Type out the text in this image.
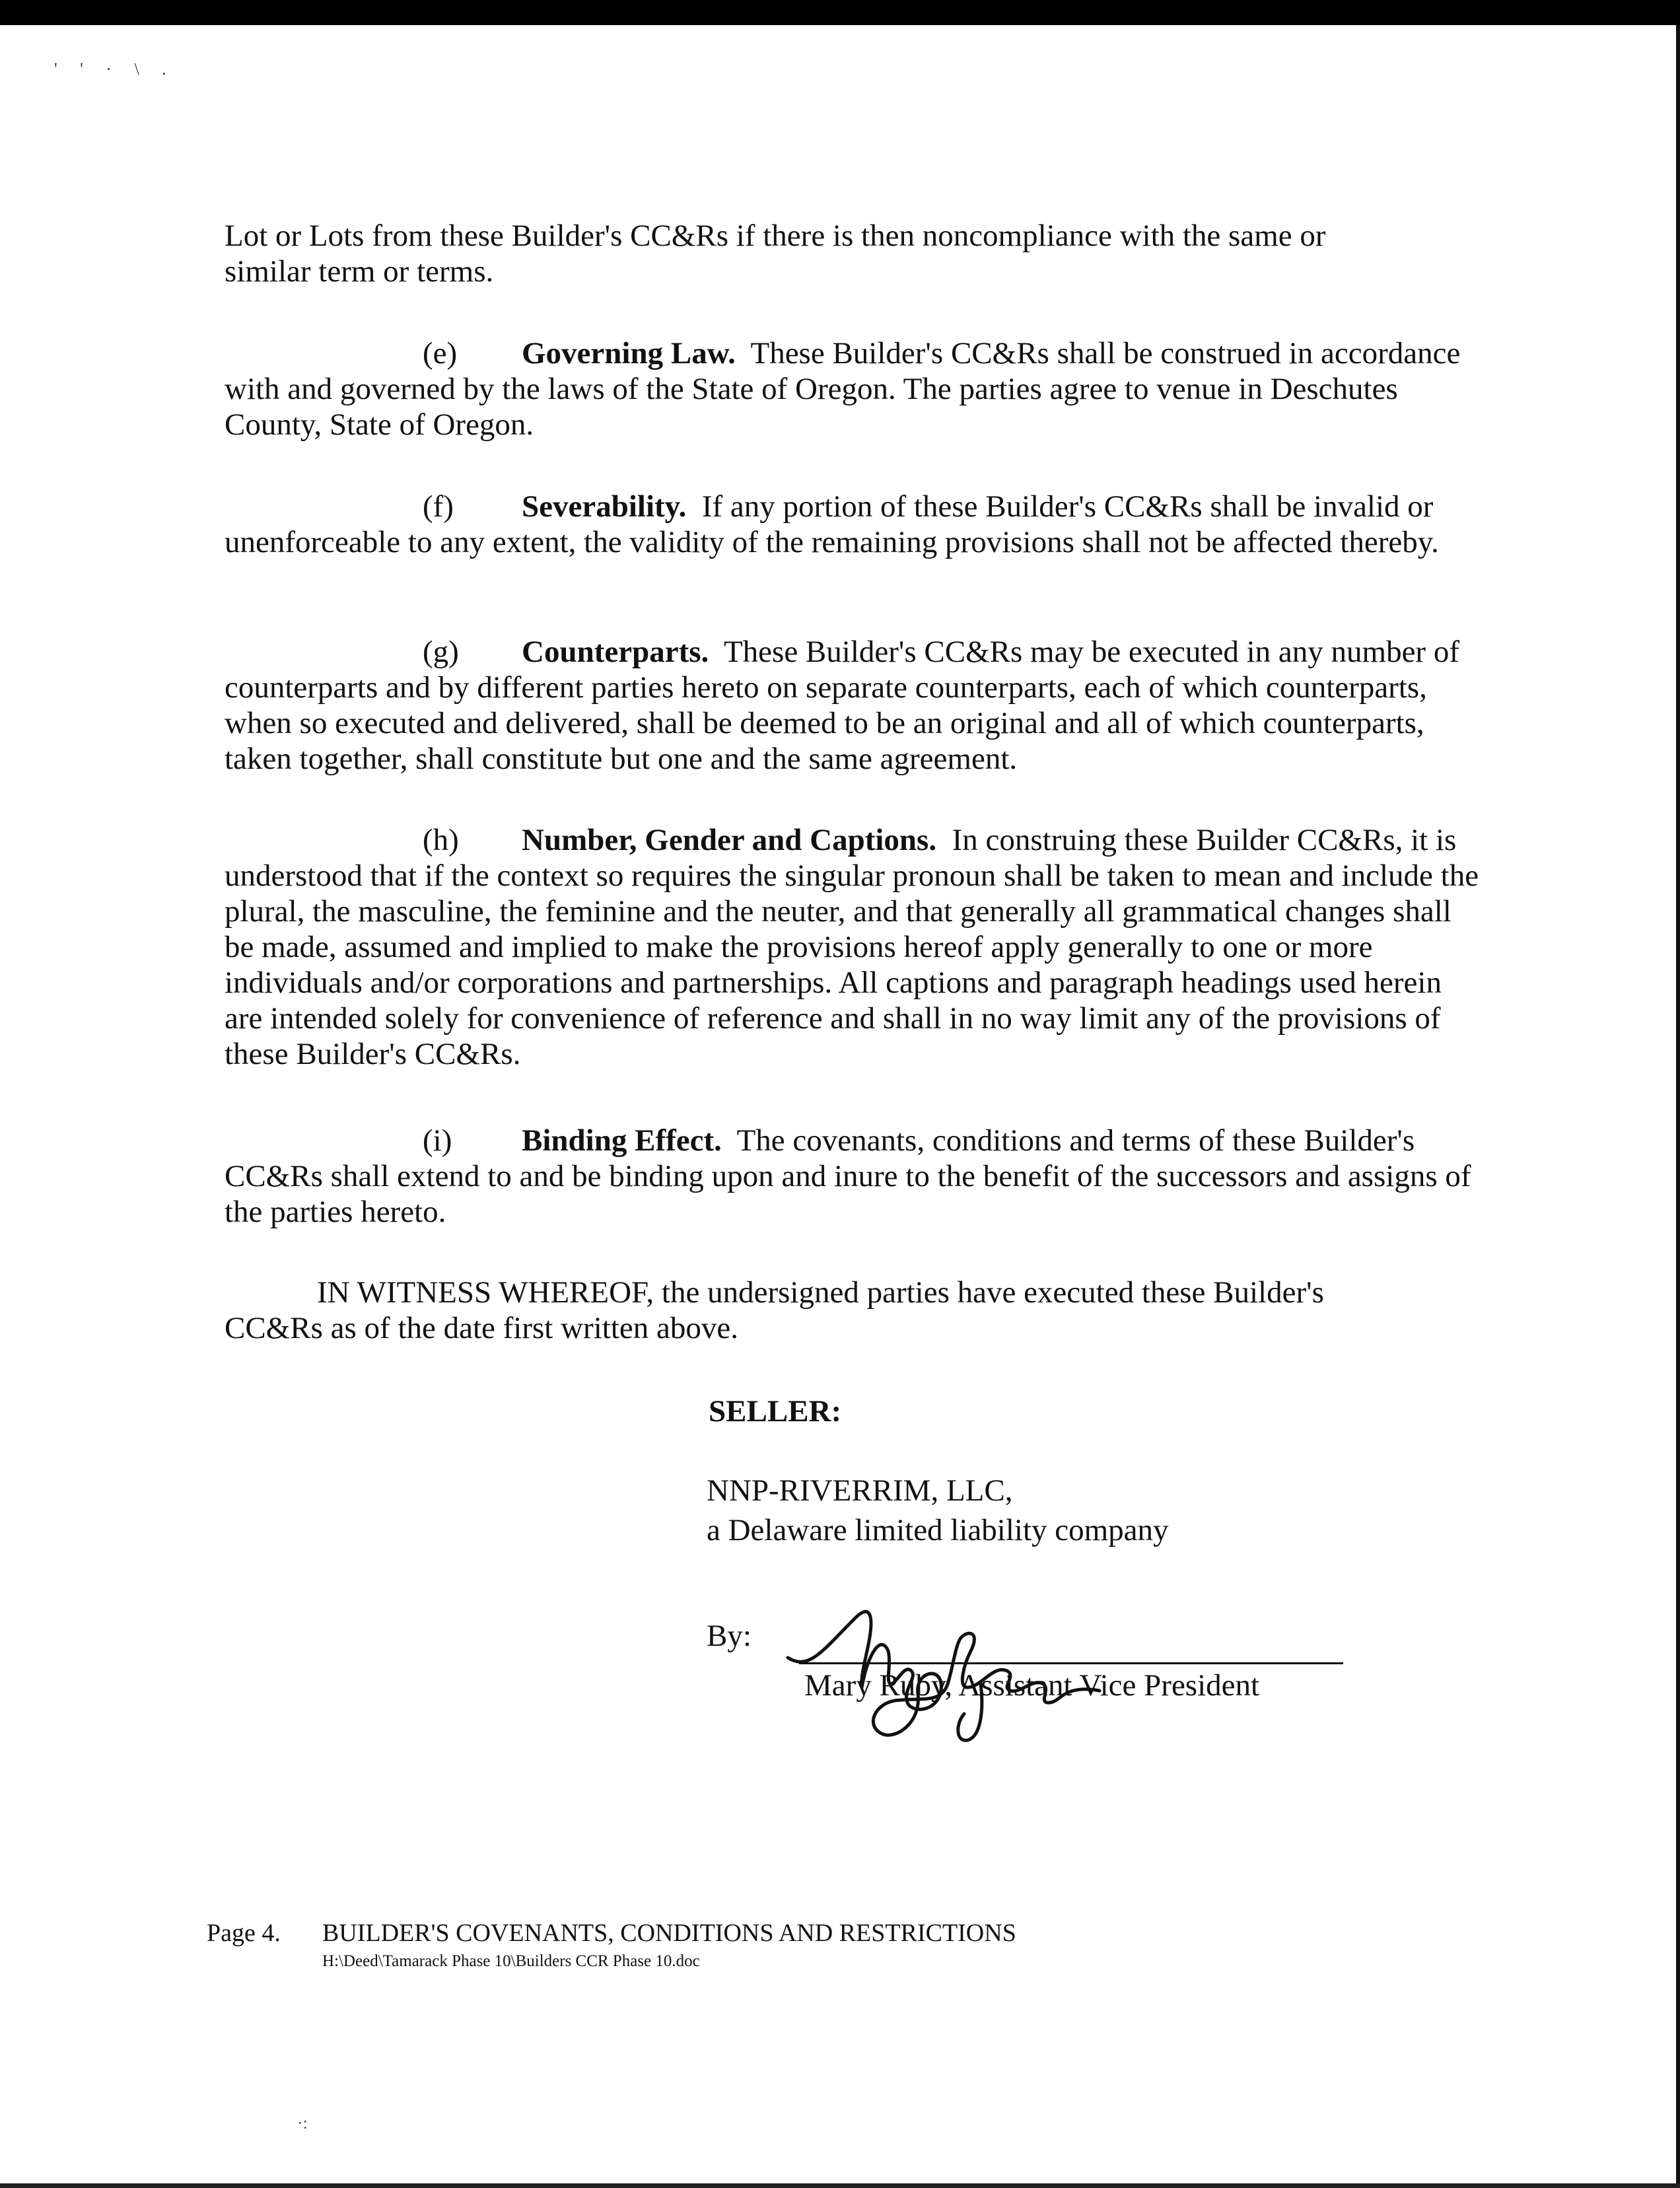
' ' · \ .
·:

Lot or Lots from these Builder's CC&Rs if there is then noncompliance with the same or similar term or terms.

(e) Governing Law. These Builder's CC&Rs shall be construed in accordance with and governed by the laws of the State of Oregon. The parties agree to venue in Deschutes County, State of Oregon.

(f) Severability. If any portion of these Builder's CC&Rs shall be invalid or unenforceable to any extent, the validity of the remaining provisions shall not be affected thereby.

(g) Counterparts. These Builder's CC&Rs may be executed in any number of counterparts and by different parties hereto on separate counterparts, each of which counterparts, when so executed and delivered, shall be deemed to be an original and all of which counterparts, taken together, shall constitute but one and the same agreement.

(h) Number, Gender and Captions. In construing these Builder CC&Rs, it is understood that if the context so requires the singular pronoun shall be taken to mean and include the plural, the masculine, the feminine and the neuter, and that generally all grammatical changes shall be made, assumed and implied to make the provisions hereof apply generally to one or more individuals and/or corporations and partnerships. All captions and paragraph headings used herein are intended solely for convenience of reference and shall in no way limit any of the provisions of these Builder's CC&Rs.

(i) Binding Effect. The covenants, conditions and terms of these Builder's CC&Rs shall extend to and be binding upon and inure to the benefit of the successors and assigns of the parties hereto.

IN WITNESS WHEREOF, the undersigned parties have executed these Builder's CC&Rs as of the date first written above.

SELLER:
NNP-RIVERRIM, LLC,
a Delaware limited liability company
By:
Mary Ruby, Assistant Vice President
Page 4. BUILDER'S COVENANTS, CONDITIONS AND RESTRICTIONS
H:\Deed\Tamarack Phase 10\Builders CCR Phase 10.doc
